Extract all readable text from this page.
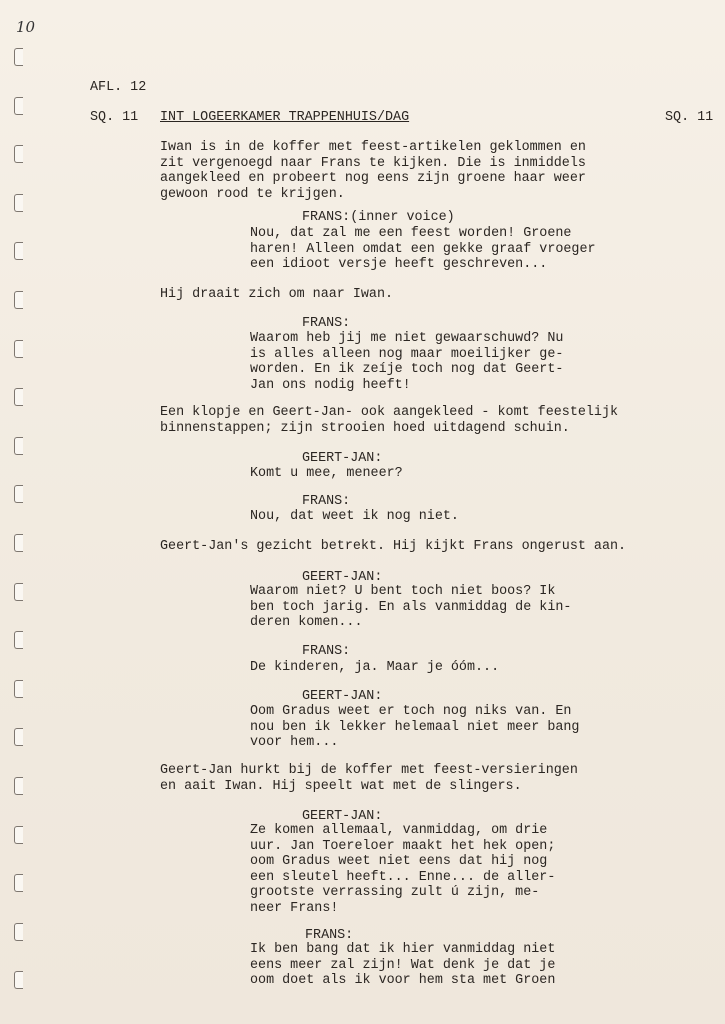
10
AFL. 12
SQ. 11 INT LOGEERKAMER TRAPPENHUIS/DAG	SQ. 11
Iwan is in de koffer met feest-artikelen geklommen en
zit vergenoegd naar Frans te kijken. Die is inmiddels
aangekleed en probeert nog eens zijn groene haar weer
gewoon rood te krijgen.
FRANS:(inner voice)
Nou, dat zal me een feest worden! Groene
haren! Alleen omdat een gekke graaf vroeger
een idioot versje heeft geschreven...
Hij draait zich om naar Iwan.
FRANS:
Waarom heb jij me niet gewaarschuwd? Nu
is alles alleen nog maar moeilijker ge-
worden. En ik zeíje toch nog dat Geert-
Jan ons nodig heeft!
Een klopje en Geert-Jan- ook aangekleed - komt feestelijk
binnenstappen; zijn strooien hoed uitdagend schuin.
GEERT-JAN:
Komt u mee, meneer?
FRANS:
Nou, dat weet ik nog niet.
Geert-Jan's gezicht betrekt. Hij kijkt Frans ongerust aan.
GEERT-JAN:
Waarom niet? U bent toch niet boos? Ik
ben toch jarig. En als vanmiddag de kin-
deren komen...
FRANS:
De kinderen, ja. Maar je óóm...
GEERT-JAN:
Oom Gradus weet er toch nog niks van. En
nou ben ik lekker helemaal niet meer bang
voor hem...
Geert-Jan hurkt bij de koffer met feest-versieringen
en aait Iwan. Hij speelt wat met de slingers.
GEERT-JAN:
Ze komen allemaal, vanmiddag, om drie
uur. Jan Toereloer maakt het hek open;
oom Gradus weet niet eens dat hij nog
een sleutel heeft... Enne... de aller-
grootste verrassing zult ú zijn, me-
neer Frans!
FRANS:
Ik ben bang dat ik hier vanmiddag niet
eens meer zal zijn! Wat denk je dat je
oom doet als ik voor hem sta met Groen
